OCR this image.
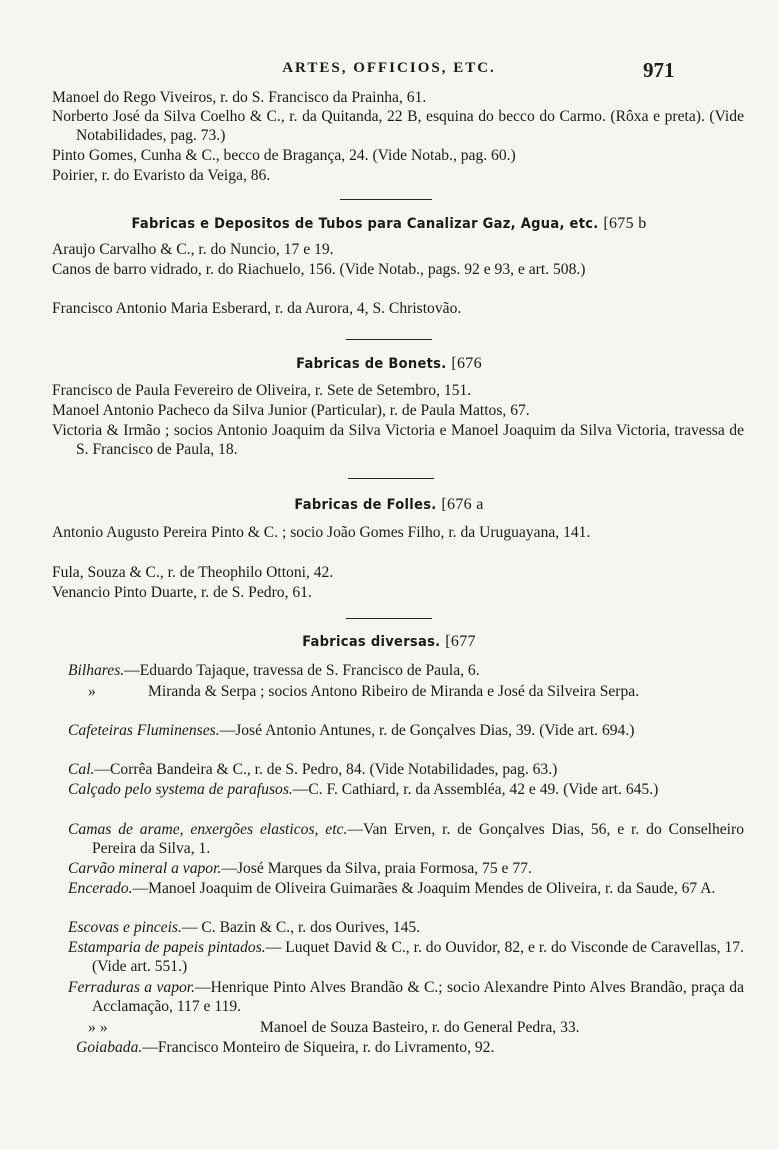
ARTES, OFFICIOS, ETC.	971
Manoel do Rego Viveiros, r. do S. Francisco da Prainha, 61.
Norberto José da Silva Coelho & C., r. da Quitanda, 22 B, esquina do becco do Carmo. (Rôxa e preta). (Vide Notabilidades, pag. 73.)
Pinto Gomes, Cunha & C., becco de Bragança, 24. (Vide Notab., pag. 60.)
Poirier, r. do Evaristo da Veiga, 86.
Fabricas e Depositos de Tubos para Canalizar Gaz, Agua, etc. [675 b
Araujo Carvalho & C., r. do Nuncio, 17 e 19.
Canos de barro vidrado, r. do Riachuelo, 156. (Vide Notab., pags. 92 e 93, e art. 508.)
Francisco Antonio Maria Esberard, r. da Aurora, 4, S. Christovão.
Fabricas de Bonets. [676
Francisco de Paula Fevereiro de Oliveira, r. Sete de Setembro, 151.
Manoel Antonio Pacheco da Silva Junior (Particular), r. de Paula Mattos, 67.
Victoria & Irmão ; socios Antonio Joaquim da Silva Victoria e Manoel Joaquim da Silva Victoria, travessa de S. Francisco de Paula, 18.
Fabricas de Folles. [676 a
Antonio Augusto Pereira Pinto & C. ; socio João Gomes Filho, r. da Uruguayana, 141.
Fula, Souza & C., r. de Theophilo Ottoni, 42.
Venancio Pinto Duarte, r. de S. Pedro, 61.
Fabricas diversas. [677
Bilhares.—Eduardo Tajaque, travessa de S. Francisco de Paula, 6.
»	Miranda & Serpa ; socios Antono Ribeiro de Miranda e José da Silveira Serpa.
Cafeteiras Fluminenses.—José Antonio Antunes, r. de Gonçalves Dias, 39. (Vide art. 694.)
Cal.—Corrêa Bandeira & C., r. de S. Pedro, 84. (Vide Notabilidades, pag. 63.)
Calçado pelo systema de parafusos.—C. F. Cathiard, r. da Assembléa, 42 e 49. (Vide art. 645.)
Camas de arame, enxergões elasticos, etc.—Van Erven, r. de Gonçalves Dias, 56, e r. do Conselheiro Pereira da Silva, 1.
Carvão mineral a vapor.—José Marques da Silva, praia Formosa, 75 e 77.
Encerado.—Manoel Joaquim de Oliveira Guimarães & Joaquim Mendes de Oliveira, r. da Saude, 67 A.
Escovas e pinceis.— C. Bazin & C., r. dos Ourives, 145.
Estamparia de papeis pintados.— Luquet David & C., r. do Ouvidor, 82, e r. do Visconde de Caravellas, 17. (Vide art. 551.)
Ferraduras a vapor.—Henrique Pinto Alves Brandão & C.; socio Alexandre Pinto Alves Brandão, praça da Acclamação, 117 e 119.
» »	Manoel de Souza Basteiro, r. do General Pedra, 33.
Goiabada.—Francisco Monteiro de Siqueira, r. do Livramento, 92.
